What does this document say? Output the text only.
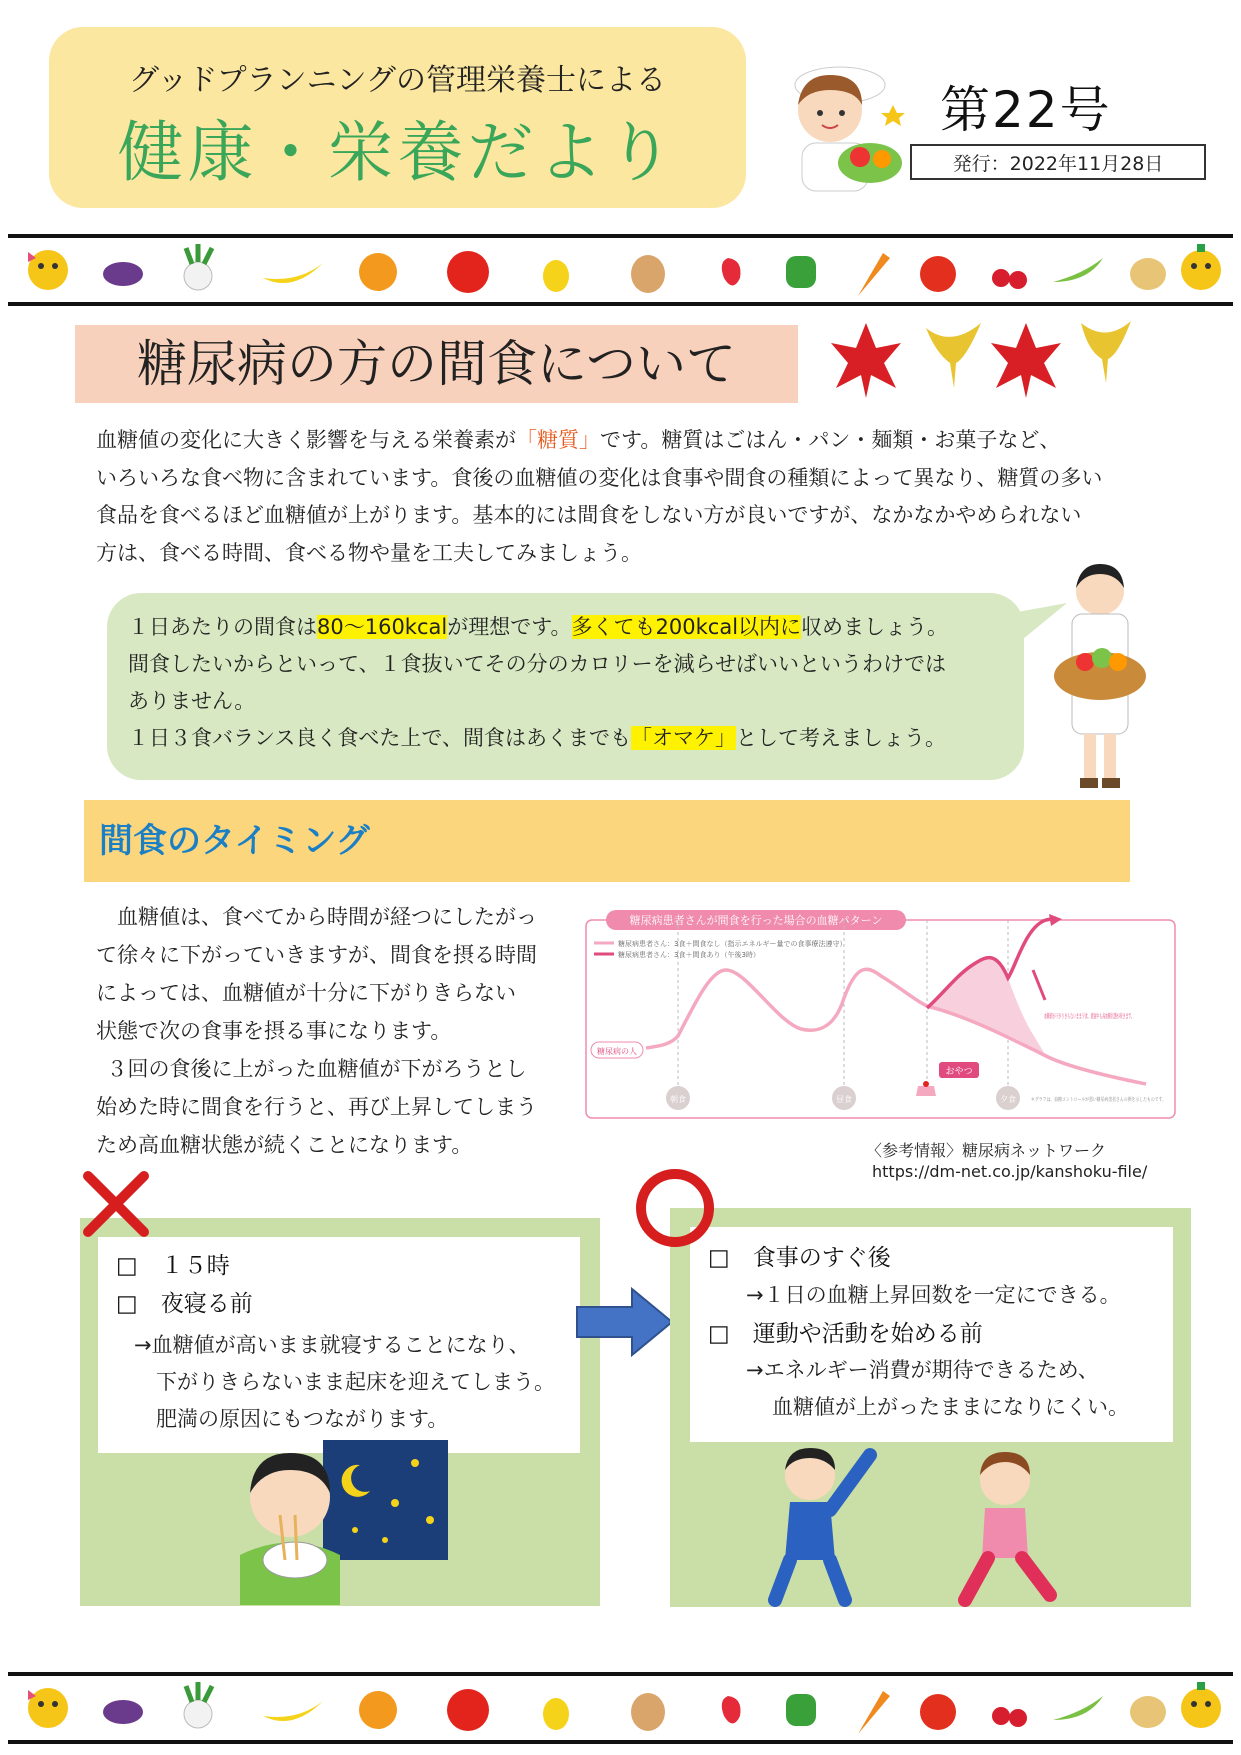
グッドプランニングの管理栄養士による
健康・栄養だより
第22号
発行：2022年11月28日
糖尿病の方の間食について
血糖値の変化に大きく影響を与える栄養素が「糖質」です。糖質はごはん・パン・麺類・お菓子など、
いろいろな食べ物に含まれています。食後の血糖値の変化は食事や間食の種類によって異なり、糖質の多い
食品を食べるほど血糖値が上がります。基本的には間食をしない方が良いですが、なかなかやめられない
方は、食べる時間、食べる物や量を工夫してみましょう。
１日あたりの間食は80～160kcalが理想です。多くても200kcal以内に収めましょう。
間食したいからといって、１食抜いてその分のカロリーを減らせばいいというわけでは
ありません。
１日３食バランス良く食べた上で、間食はあくまでも「オマケ」として考えましょう。
間食のタイミング
血糖値は、食べてから時間が経つにしたがっ
て徐々に下がっていきますが、間食を摂る時間
によっては、血糖値が十分に下がりきらない
状態で次の食事を摂る事になります。
３回の食後に上がった血糖値が下がろうとし
始めた時に間食を行うと、再び上昇してしまう
ため高血糖状態が続くことになります。
糖尿病患者さんが間食を行った場合の血糖パターン
糖尿病患者さん：3食＋間食なし（指示エネルギー量での食事療法遵守）
糖尿病患者さん：3食＋間食あり（午後3時）
糖尿病の人
おやつ
朝食	昼食	夕食	＊グラフは、血糖コントロールが悪い糖尿病患者さんの例を示したものです。
〈参考情報〉糖尿病ネットワーク
https://dm-net.co.jp/kanshoku-file/
□　１５時
□　夜寝る前
→血糖値が高いまま就寝することになり、
下がりきらないまま起床を迎えてしまう。
肥満の原因にもつながります。
□　食事のすぐ後
→１日の血糖上昇回数を一定にできる。
□　運動や活動を始める前
→エネルギー消費が期待できるため、
血糖値が上がったままになりにくい。
